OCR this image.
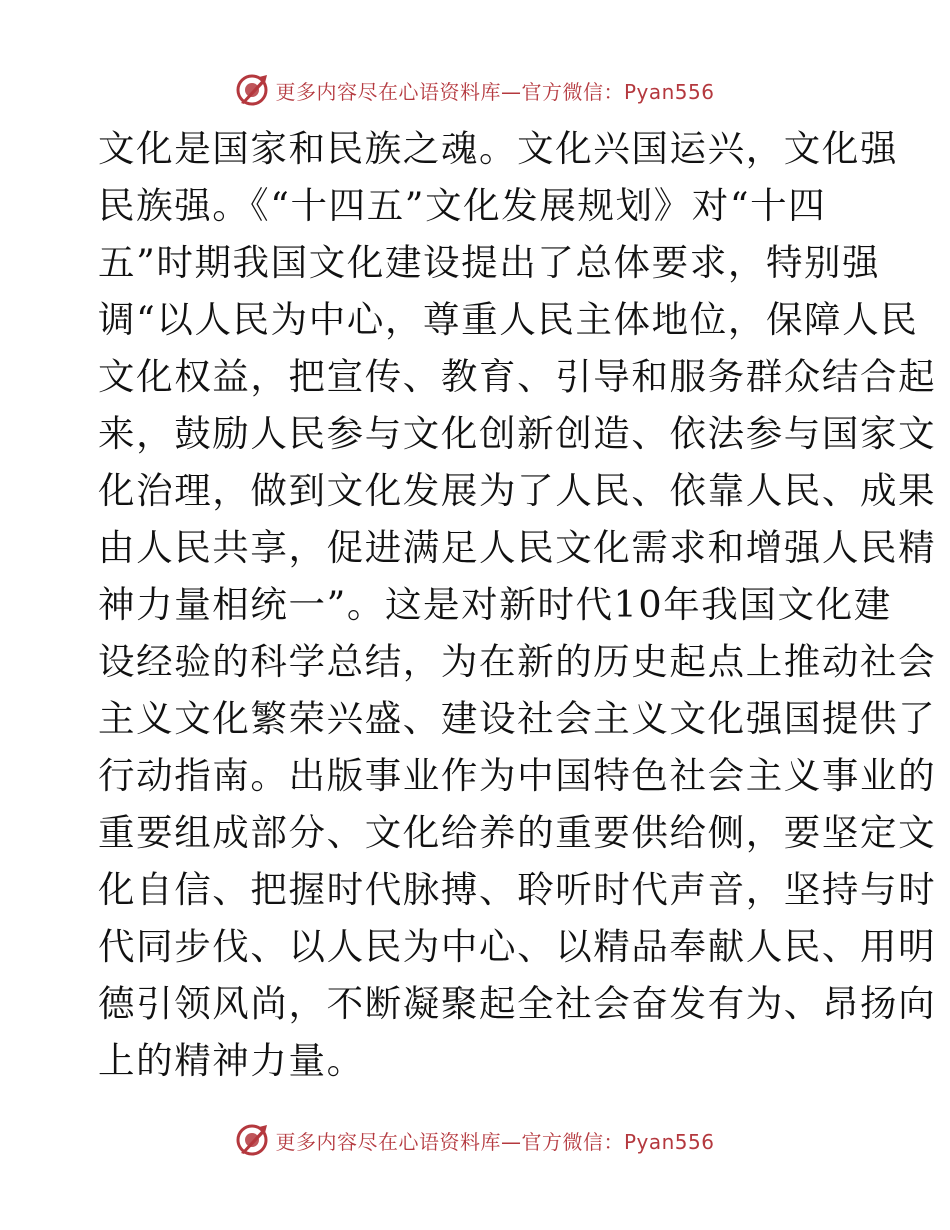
更多内容尽在心语资料库—官方微信：Pyan556
文化是国家和民族之魂。文化兴国运兴，文化强
民族强。《“十四五”文化发展规划》对“十四
五”时期我国文化建设提出了总体要求，特别强
调“以人民为中心，尊重人民主体地位，保障人民
文化权益，把宣传、教育、引导和服务群众结合起
来，鼓励人民参与文化创新创造、依法参与国家文
化治理，做到文化发展为了人民、依靠人民、成果
由人民共享，促进满足人民文化需求和增强人民精
神力量相统一”。这是对新时代10年我国文化建
设经验的科学总结，为在新的历史起点上推动社会
主义文化繁荣兴盛、建设社会主义文化强国提供了
行动指南。出版事业作为中国特色社会主义事业的
重要组成部分、文化给养的重要供给侧，要坚定文
化自信、把握时代脉搏、聆听时代声音，坚持与时
代同步伐、以人民为中心、以精品奉献人民、用明
德引领风尚，不断凝聚起全社会奋发有为、昂扬向
上的精神力量。
更多内容尽在心语资料库—官方微信：Pyan556
